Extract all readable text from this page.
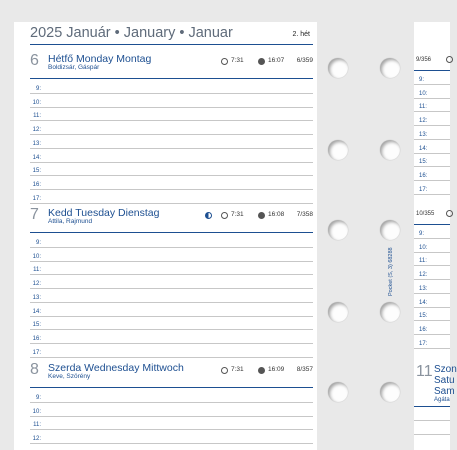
2025 Január • January • Januar	2. hét
6 Hétfő Monday Montag
Boldizsár, Gáspár
7:31	16:07 6/359
9:
10:
11:
12:
13:
14:
15:
16:
17:
7 Kedd Tuesday Dienstag
Attila, Rajmund
7:31	16:08 7/358
9:
10:
11:
12:
13:
14:
15:
16:
17:
8 Szerda Wednesday Mittwoch
Keve, Szörény
7:31	16:09 8/357
9:
10:
11:
12:
9/356
9:
10:
11:
12:
13:
14:
15:
16:
17:
10/355
9:
10:
11:
12:
13:
14:
15:
16:
17:
11 Szon
Satu
Sam
Agáta
Pocket (S, 3) 68288
